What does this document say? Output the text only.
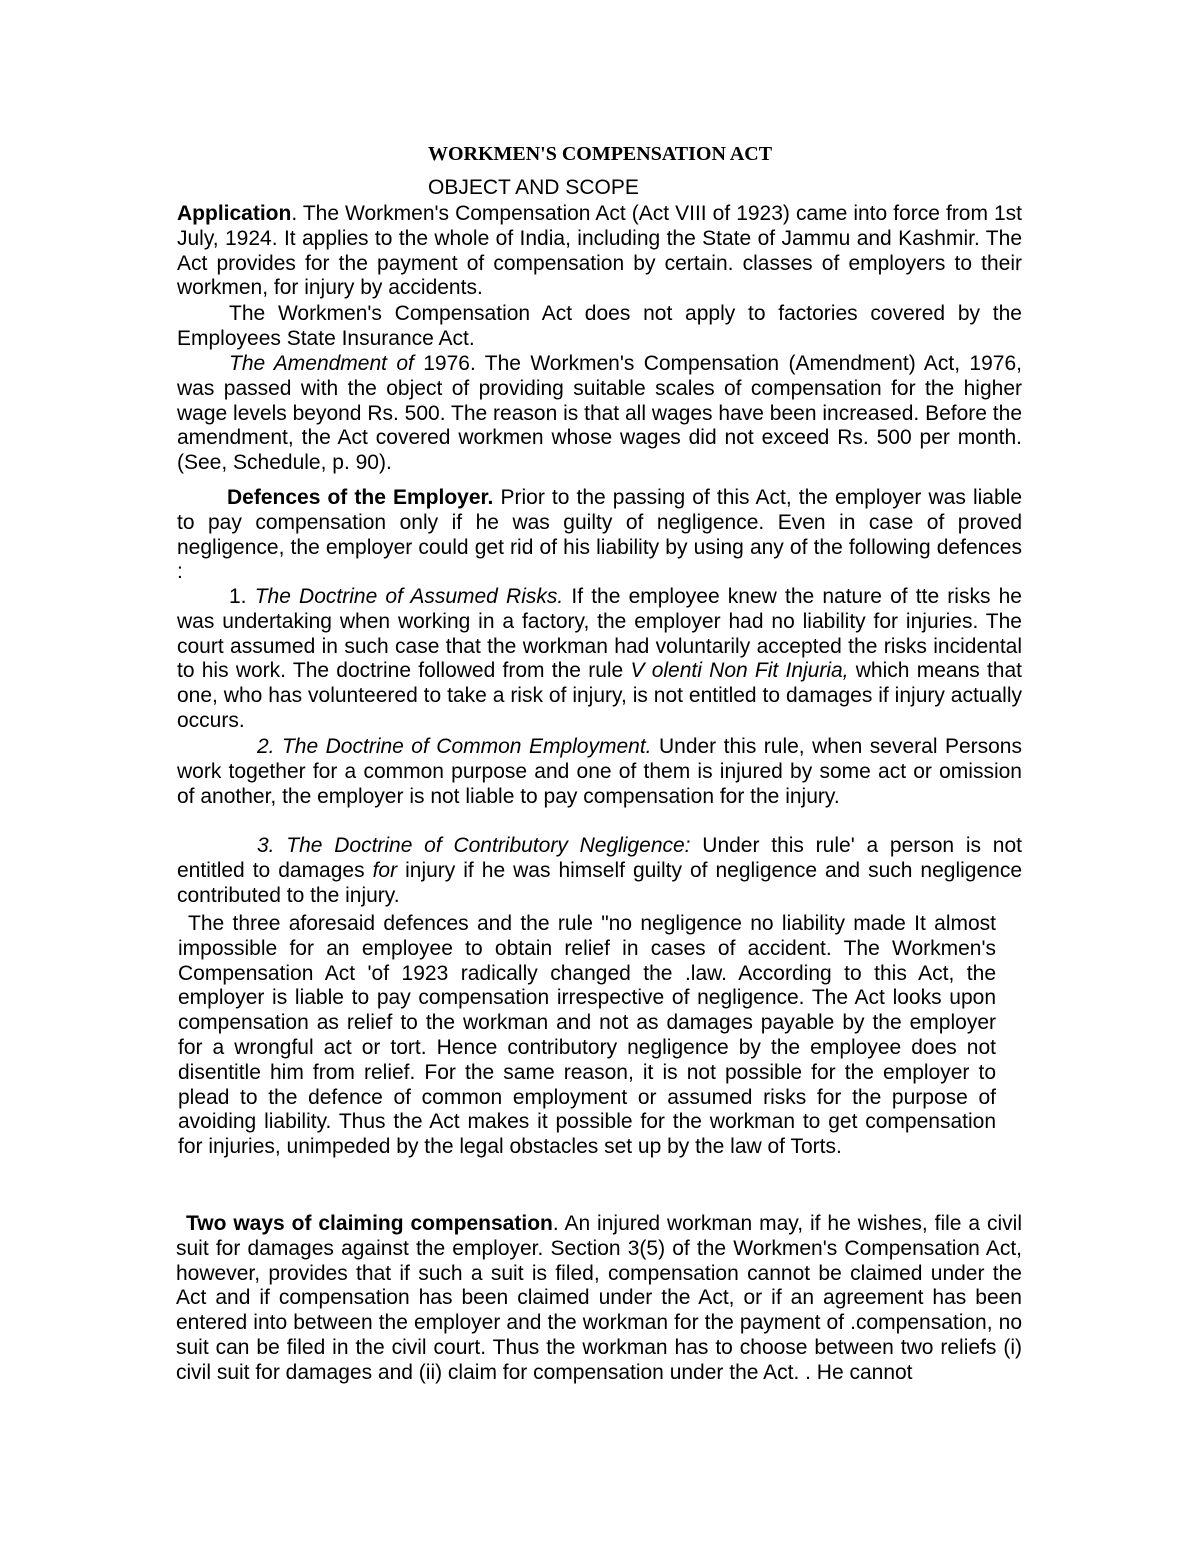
WORKMEN'S COMPENSATION ACT
OBJECT AND SCOPE

Application. The Workmen's Compensation Act (Act VIII of 1923) came into force from 1st July, 1924. It applies to the whole of India, including the State of Jammu and Kashmir. The Act provides for the payment of compensation by certain. classes of employers to their workmen, for injury by accidents.

The Workmen's Compensation Act does not apply to factories covered by the Employees State Insurance Act.

The Amendment of 1976. The Workmen's Compensation (Amendment) Act, 1976, was passed with the object of providing suitable scales of compensation for the higher wage levels beyond Rs. 500. The reason is that all wages have been increased. Before the amendment, the Act covered workmen whose wages did not exceed Rs. 500 per month. (See, Schedule, p. 90).

Defences of the Employer. Prior to the passing of this Act, the employer was liable to pay compensation only if he was guilty of negligence. Even in case of proved negligence, the employer could get rid of his liability by using any of the following defences :

1. The Doctrine of Assumed Risks. If the employee knew the nature of tte risks he was undertaking when working in a factory, the employer had no liability for injuries. The court assumed in such case that the workman had voluntarily accepted the risks incidental to his work. The doctrine followed from the rule V olenti Non Fit Injuria, which means that one, who has volunteered to take a risk of injury, is not entitled to damages if injury actually occurs.

2. The Doctrine of Common Employment. Under this rule, when several Persons work together for a common purpose and one of them is injured by some act or omission of another, the employer is not liable to pay compensation for the injury.

3. The Doctrine of Contributory Negligence: Under this rule' a person is not entitled to damages for injury if he was himself guilty of negligence and such negligence contributed to the injury.

The three aforesaid defences and the rule "no negligence no liability made It almost impossible for an employee to obtain relief in cases of accident. The Workmen's Compensation Act 'of 1923 radically changed the .law. According to this Act, the employer is liable to pay compensation irrespective of negligence. The Act looks upon compensation as relief to the workman and not as damages payable by the employer for a wrongful act or tort. Hence contributory negligence by the employee does not disentitle him from relief. For the same reason, it is not possible for the employer to plead to the defence of common employment or assumed risks for the purpose of avoiding liability. Thus the Act makes it possible for the workman to get compensation for injuries, unimpeded by the legal obstacles set up by the law of Torts.

Two ways of claiming compensation. An injured workman may, if he wishes, file a civil suit for damages against the employer. Section 3(5) of the Workmen's Compensation Act, however, provides that if such a suit is filed, compensation cannot be claimed under the Act and if compensation has been claimed under the Act, or if an agreement has been entered into between the employer and the workman for the payment of .compensation, no suit can be filed in the civil court. Thus the workman has to choose between two reliefs (i) civil suit for damages and (ii) claim for compensation under the Act. . He cannot
